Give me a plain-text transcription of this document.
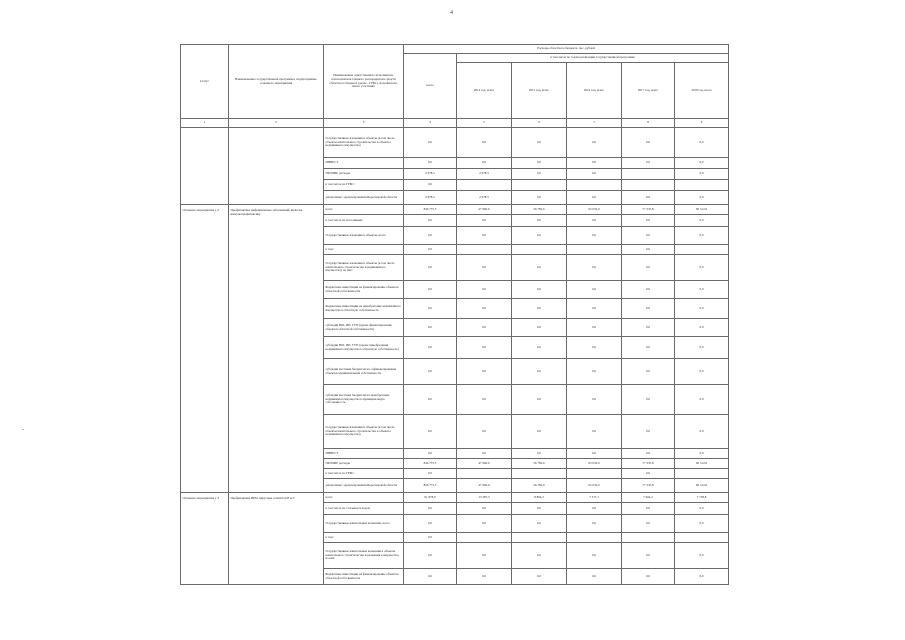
4
-
Статус	Наименование государственной программы, подпрограммы, основного мероприятия	Наименование ответственного исполнителя, соисполнителя главного распорядителя средств областного бюджета (далее - ГРБС), исполнителя, иного участника	Расходы областного бюджета, тыс. рублей					
			всего	в том числе по годам реализации государственной программы				
				2014 год, всего	2015 год, всего	2016 год, всего	2017 год, всего	2018 год, всего
1	2	3	4	5	6	7	8	9
		Государственные вложения в объекты (в том числе объекты капитального строительства и объекты недвижимого имущества)	0,0	0,0	0,0	0,0	0,0	0,0
		ИНВЕСТ	0,0	0,0	0,0	0,0	0,0	0,0
		ПРОЧИЕ расходы	2 978,5	2 978,5	0,0	0,0		0,0
		в том числе по ГРБС:	0,0					
		департамент здравоохранения Воронежской области	2 978,5	2 978,5	0,0	0,0	0,0	0,0
Основное мероприятие 1.2	Профилактика инфекционных заболеваний, включая иммунопрофилактику	всего	846 775,5	47 960,6	56 782,6	65 032,0	77 335,8	82 312,6
		в том числе по источникам:	0,0	0,0	0,0	0,0	0,0	0,0
		Государственные вложения в объекты, всего	0,0	0,0	0,0	0,0	0,0	0,0
		в том:	0,0				0,0	
		Государственные вложения в объекты (в том числе капитального строительства и недвижимого имущества), из них:	0,0	0,0	0,0	0,0	0,0	0,0
		Бюджетные инвестиции на финансирование объектов областной собственности	0,0	0,0	0,0	0,0	0,0	0,0
		Бюджетные инвестиции на приобретение недвижимого имущества в областную собственность	0,0	0,0	0,0	0,0	0,0	0,0
		субсидии ЮЛ, ИП, ГУП (кроме финансирование объектов областной собственности)	0,0	0,0	0,0	0,0	0,0	0,0
		субсидии ЮЛ, ИП, ГУП (кроме приобретения недвижимого имущества в областную собственность)	0,0	0,0	0,0	0,0	0,0	0,0
		субсидии местным бюджетам на софинансирование объектов муниципальной собственности	0,0	0,0	0,0	0,0	0,0	0,0
		субсидии местным бюджетам на приобретение недвижимого имущества в муниципальную собственность	0,0	0,0	0,0	0,0	0,0	0,0
		Государственные вложения в объекты (в том числе объекты капитального строительства и объекты недвижимого имущества)	0,0	0,0	0,0	0,0	0,0	0,0
		ИНВЕСТ	0,0	0,0	0,0	0,0	0,0	0,0
		ПРОЧИЕ расходы	846 775,5	47 960,6	56 782,6	65 032,0	77 335,8	82 312,6
		в том числе по ГРБС:	0,0				0,0	
		департамент здравоохранения Воронежской области	846 775,5	47 960,6	56 782,6	65 032,0	77 335,8	82 312,6
Основное мероприятие 1.3	Профилактика ВИЧ, вирусных гепатитов В и С	всего	91 878,6	13 387,3	8 864,2	7 317,1	7 604,2	7 738,8
		в том числе по статьям расходов:	0,0	0,0	0,0	0,0	0,0	0,0
		Государственные капитальные вложения, всего	0,0	0,0	0,0	0,0	0,0	0,0
		в том:	0,0					
		Государственные капитальные вложения в объекты капитального строительства и вложения в имущество, из них:	0,0	0,0	0,0	0,0	0,0	0,0
		Бюджетные инвестиции на финансирование объектов областной собственности	0,0	0,0	0,0	0,0	0,0	0,0
